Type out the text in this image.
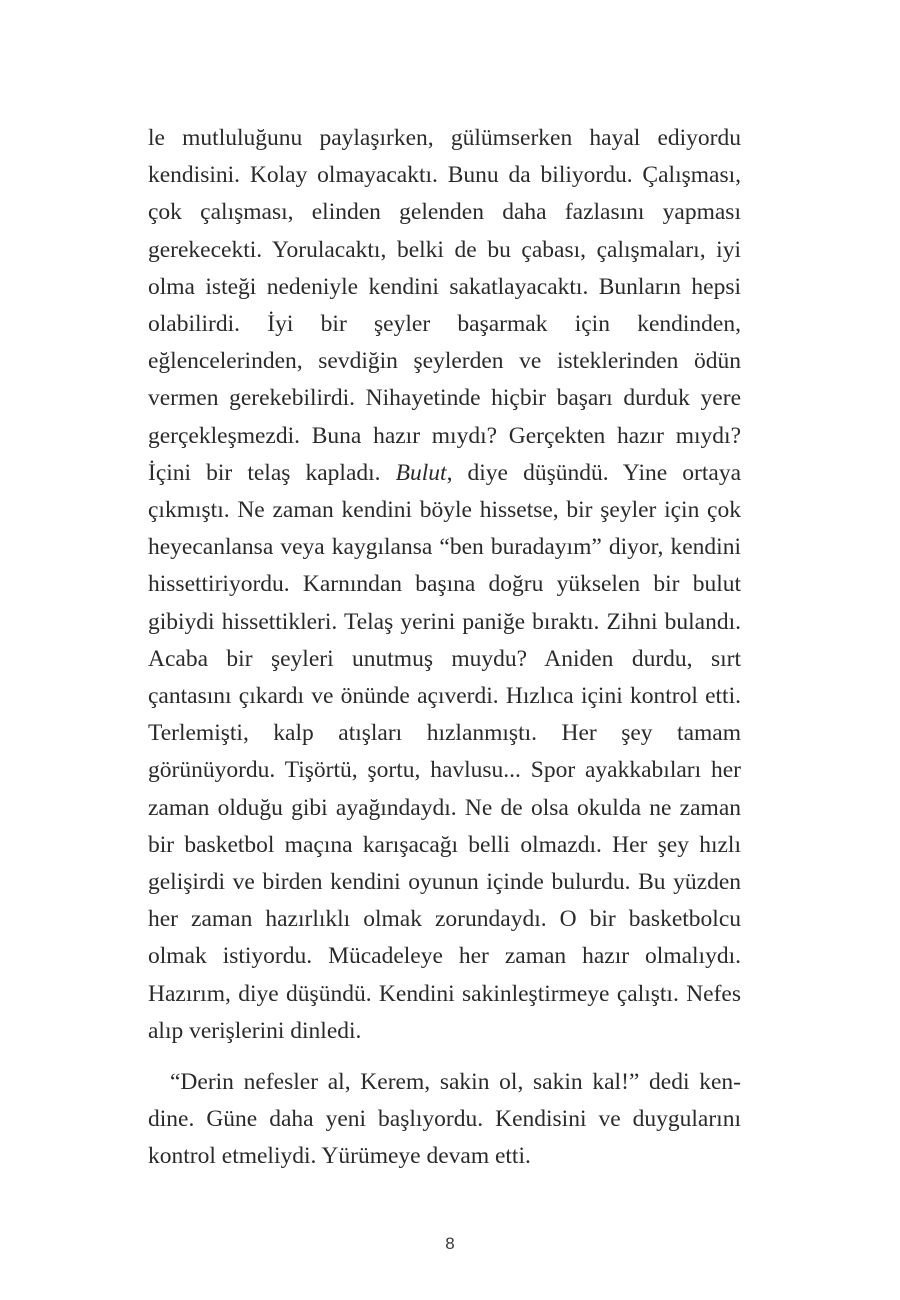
le mutluluğunu paylaşırken, gülümserken hayal ediyordu kendisini. Kolay olmayacaktı. Bunu da biliyordu. Çalışması, çok çalışması, elinden gelenden daha fazlasını yapması gerekecekti. Yorulacaktı, belki de bu çabası, çalışmaları, iyi olma isteği nedeniyle kendini sakatlayacaktı. Bunların hepsi olabilirdi. İyi bir şeyler başarmak için kendinden, eğlencelerinden, sevdiğin şeylerden ve isteklerinden ödün vermen gerekebilirdi. Nihayetinde hiçbir başarı durduk yere gerçekleşmezdi. Buna hazır mıydı? Gerçekten hazır mıydı? İçini bir telaş kapladı. Bulut, diye düşündü. Yine ortaya çıkmıştı. Ne zaman kendini böyle hissetse, bir şeyler için çok heyecanlansa veya kaygılansa “ben buradayım” diyor, kendini hissettiriyordu. Karnından başına doğru yükselen bir bulut gibiydi hissettikleri. Telaş yerini paniğe bıraktı. Zihni bulandı. Acaba bir şeyleri unutmuş muydu? Aniden durdu, sırt çantasını çıkardı ve önünde açıverdi. Hızlıca içini kontrol etti. Terlemişti, kalp atışları hızlanmıştı. Her şey tamam görünüyordu. Tişörtü, şortu, havlusu... Spor ayakkabıları her zaman olduğu gibi ayağındaydı. Ne de olsa okulda ne zaman bir basketbol maçına karışacağı belli olmazdı. Her şey hızlı gelişirdi ve birden kendini oyunun içinde bulurdu. Bu yüzden her zaman hazırlıklı olmak zorundaydı. O bir basketbolcu olmak istiyordu. Mücadeleye her zaman hazır olmalıydı. Hazırım, diye düşündü. Kendini sakinleştirmeye çalıştı. Nefes alıp verişlerini dinledi.

“Derin nefesler al, Kerem, sakin ol, sakin kal!” dedi kendine. Güne daha yeni başlıyordu. Kendisini ve duygularını kontrol etmeliydi. Yürümeye devam etti.

8
